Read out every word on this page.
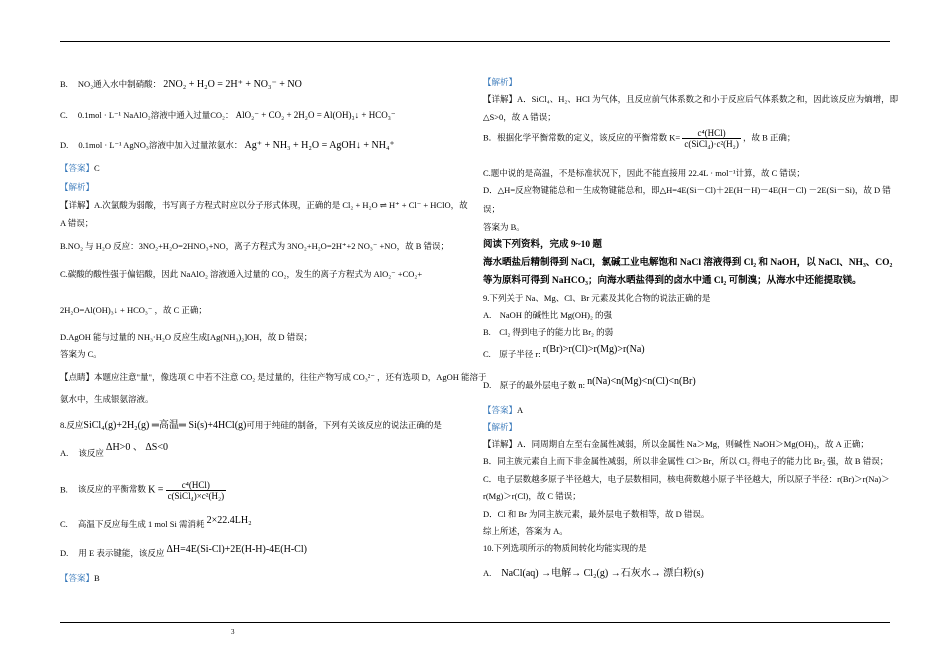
B. NO₂通入水中制硝酸： 2NO₂ + H₂O = 2H⁺ + NO₃⁻ + NO
C. 0.1mol · L⁻¹ NaAlO₂溶液中通入过量CO₂： AlO₂⁻ + CO₂ + 2H₂O = Al(OH)₃↓ + HCO₃⁻
D. 0.1mol · L⁻¹ AgNO₃溶液中加入过量浓氨水： Ag⁺ + NH₃ + H₂O = AgOH↓ + NH₄⁺
【答案】C
【解析】
【详解】A.次氯酸为弱酸，书写离子方程式时应以分子形式体现，正确的是 Cl₂ + H₂O ⇌ H⁺ + Cl⁻ + HClO，故
A 错误；
B.NO₂ 与 H₂O 反应：3NO₂+H₂O=2HNO₃+NO，离子方程式为 3NO₂+H₂O=2H⁺+2 NO₃⁻ +NO，故 B 错误；
C.碳酸的酸性强于偏铝酸，因此 NaAlO₂ 溶液通入过量的 CO₂，发生的离子方程式为 AlO₂⁻ +CO₂+
2H₂O=Al(OH)₃↓ + HCO₃⁻ ，故 C 正确；
D.AgOH 能与过量的 NH₃·H₂O 反应生成[Ag(NH₃)₂]OH，故 D 错误；
答案为 C。
【点睛】本题应注意"量"，像选项 C 中若不注意 CO₂ 是过量的，往往产物写成 CO₃²⁻ ，还有选项 D，AgOH 能溶于
氨水中，生成银氨溶液。
8.反应SiCl₄(g)+2H₂(g) ═高温═ Si(s)+4HCl(g)可用于纯硅的制备，下列有关该反应的说法正确的是
A. 该反应 ΔH>0 、 ΔS<0
B. 该反应的平衡常数 $K = \frac{\text{c⁴(HCl)}}{\text{c(SiCl₄)×c²(H₂)}}$
C. 高温下反应每生成 1 mol Si 需消耗 2×22.4LH₂
D. 用 E 表示键能，该反应 ΔH=4E(Si-Cl)+2E(H-H)-4E(H-Cl)
【答案】B
【解析】
【详解】A．SiCl₄、H₂、HCl 为气体，且反应前气体系数之和小于反应后气体系数之和，因此该反应为熵增，即
△S>0，故 A 错误；
B．根据化学平衡常数的定义，该反应的平衡常数 $K= \frac{\text{c⁴(HCl)}}{\text{c(SiCl₄)·c²(H₂)}}$ ，故 B 正确；
C.题中说的是高温，不是标准状况下，因此不能直接用 22.4L · mol⁻¹计算，故 C 错误；
D．△H=反应物键能总和－生成物键能总和，即△H=4E(Si－Cl)＋2E(H－H)－4E(H－Cl) －2E(Si－Si)，故 D 错
误；
答案为 B。
阅读下列资料，完成 9~10 题
海水晒盐后精制得到 NaCl，氯碱工业电解饱和 NaCl 溶液得到 Cl₂ 和 NaOH，以 NaCl、NH₃、CO₂
等为原料可得到 NaHCO₃；向海水晒盐得到的卤水中通 Cl₂ 可制溴；从海水中还能提取镁。
9.下列关于 Na、Mg、Cl、Br 元素及其化合物的说法正确的是
A.　NaOH 的碱性比 Mg(OH)₂ 的强
B.　Cl₂ 得到电子的能力比 Br₂ 的弱
C.　原子半径 r: r(Br)>r(Cl)>r(Mg)>r(Na)
D.　原子的最外层电子数 n: n(Na)<n(Mg)<n(Cl)<n(Br)
【答案】A
【解析】
【详解】A．同周期自左至右金属性减弱，所以金属性 Na＞Mg，则碱性 NaOH＞Mg(OH)₂，故 A 正确；
B．同主族元素自上而下非金属性减弱，所以非金属性 Cl＞Br，所以 Cl₂ 得电子的能力比 Br₂ 强，故 B 错误；
C．电子层数越多原子半径越大，电子层数相同，核电荷数越小原子半径越大，所以原子半径：r(Br)＞r(Na)＞
r(Mg)＞r(Cl)，故 C 错误；
D．Cl 和 Br 为同主族元素，最外层电子数相等，故 D 错误。
综上所述，答案为 A。
10.下列选项所示的物质间转化均能实现的是
A. NaCl(aq) →电解→ Cl₂(g) →石灰水→ 漂白粉(s)
3
